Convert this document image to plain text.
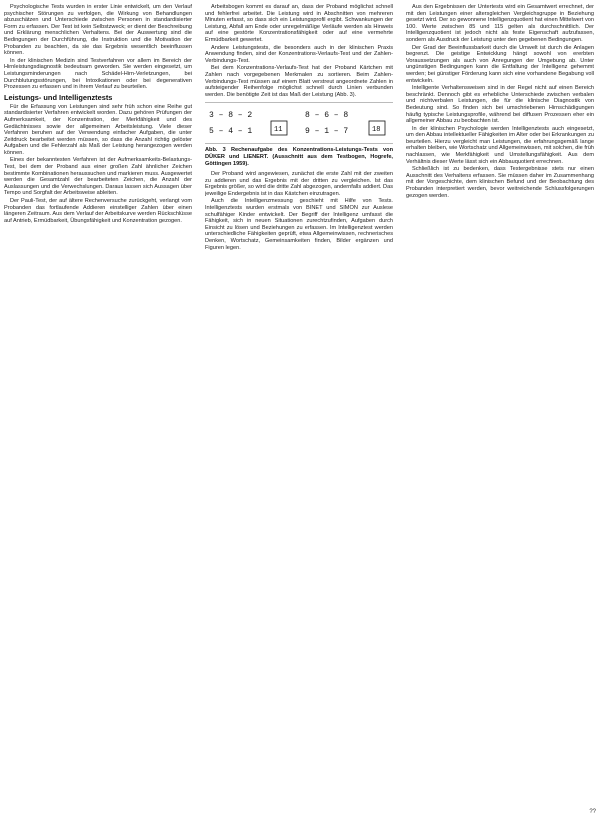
Psychologische Tests wurden in erster Linie entwickelt, um den Verlauf psychischer Störungen zu verfolgen, die Wirkung von Behandlungen abzuschätzen und Unterschiede zwischen Personen in standardisierter Form zu erfassen. Der Test ist kein Selbstzweck; er dient der Beschreibung und Erklärung menschlichen Verhaltens. Bei der Auswertung sind die Bedingungen der Durchführung, die Instruktion und die Motivation der Probanden zu beachten, da sie das Ergebnis wesentlich beeinflussen können.

In der klinischen Medizin sind Testverfahren vor allem im Bereich der Hirnleistungsdiagnostik bedeutsam geworden. Sie werden eingesetzt, um Leistungsminderungen nach Schädel-Hirn-Verletzungen, bei Durchblutungsstörungen, bei Intoxikationen oder bei degenerativen Prozessen zu erfassen und in ihrem Verlauf zu beurteilen.

Leistungs- und Intelligenztests

Für die Erfassung von Leistungen sind sehr früh schon eine Reihe gut standardisierter Verfahren entwickelt worden. Dazu gehören Prüfungen der Aufmerksamkeit, der Konzentration, der Merkfähigkeit und des Gedächtnisses sowie der allgemeinen Arbeitsleistung. Viele dieser Verfahren beruhen auf der Verwendung einfacher Aufgaben, die unter Zeitdruck bearbeitet werden müssen, so dass die Anzahl richtig gelöster Aufgaben und die Fehlerzahl als Maß der Leistung herangezogen werden können.

Eines der bekanntesten Verfahren ist der Aufmerksamkeits-Belastungs-Test, bei dem der Proband aus einer großen Zahl ähnlicher Zeichen bestimmte Kombinationen heraussuchen und markieren muss. Ausgewertet werden die Gesamtzahl der bearbeiteten Zeichen, die Anzahl der Auslassungen und die Verwechslungen. Daraus lassen sich Aussagen über Tempo und Sorgfalt der Arbeitsweise ableiten.

Der Pauli-Test, der auf ältere Rechenversuche zurückgeht, verlangt vom Probanden das fortlaufende Addieren einstelliger Zahlen über einen längeren Zeitraum. Aus dem Verlauf der Arbeitskurve werden Rückschlüsse auf Antrieb, Ermüdbarkeit, Übungsfähigkeit und Konzentration gezogen.

Arbeitsbogen kommt es darauf an, dass der Proband möglichst schnell und fehlerfrei arbeitet. Die Leistung wird in Abschnitten von mehreren Minuten erfasst, so dass sich ein Leistungsprofil ergibt. Schwankungen der Leistung, Abfall am Ende oder unregelmäßige Verläufe werden als Hinweis auf eine gestörte Konzentrationsfähigkeit oder auf eine vermehrte Ermüdbarkeit gewertet.

Andere Leistungstests, die besonders auch in der klinischen Praxis Anwendung finden, sind der Konzentrations-Verlaufs-Test und der Zahlen-Verbindungs-Test.

Bei dem Konzentrations-Verlaufs-Test hat der Proband Kärtchen mit Zahlen nach vorgegebenen Merkmalen zu sortieren. Beim Zahlen-Verbindungs-Test müssen auf einem Blatt verstreut angeordnete Zahlen in aufsteigender Reihenfolge möglichst schnell durch Linien verbunden werden. Die benötigte Zeit ist das Maß der Leistung (Abb. 3).

3 – 8 – 2
5 – 4 – 1	11
8 – 6 – 8
9 – 1 – 7	18
Abb. 3 Rechenaufgabe des Konzentrations-Leistungs-Tests von DÜKER und LIENERT. (Ausschnitt aus dem Testbogen, Hogrefe, Göttingen 1959).

Der Proband wird angewiesen, zunächst die erste Zahl mit der zweiten zu addieren und das Ergebnis mit der dritten zu vergleichen. Ist das Ergebnis größer, so wird die dritte Zahl abgezogen, andernfalls addiert. Das jeweilige Endergebnis ist in das Kästchen einzutragen.

Auch die Intelligenzmessung geschieht mit Hilfe von Tests. Intelligenztests wurden erstmals von BINET und SIMON zur Auslese schulfähiger Kinder entwickelt. Der Begriff der Intelligenz umfasst die Fähigkeit, sich in neuen Situationen zurechtzufinden, Aufgaben durch Einsicht zu lösen und Beziehungen zu erfassen. Im Intelligenztest werden unterschiedliche Fähigkeiten geprüft, etwa Allgemeinwissen, rechnerisches Denken, Wortschatz, Gemeinsamkeiten finden, Bilder ergänzen und Figuren legen.

Aus den Ergebnissen der Untertests wird ein Gesamtwert errechnet, der mit den Leistungen einer altersgleichen Vergleichsgruppe in Beziehung gesetzt wird. Der so gewonnene Intelligenzquotient hat einen Mittelwert von 100. Werte zwischen 85 und 115 gelten als durchschnittlich. Der Intelligenzquotient ist jedoch nicht als feste Eigenschaft aufzufassen, sondern als Ausdruck der Leistung unter den gegebenen Bedingungen.

Der Grad der Beeinflussbarkeit durch die Umwelt ist durch die Anlagen begrenzt. Die geistige Entwicklung hängt sowohl von ererbten Voraussetzungen als auch von Anregungen der Umgebung ab. Unter ungünstigen Bedingungen kann die Entfaltung der Intelligenz gehemmt werden; bei günstiger Förderung kann sich eine vorhandene Begabung voll entwickeln.

Intelligente Verhaltensweisen sind in der Regel nicht auf einen Bereich beschränkt. Dennoch gibt es erhebliche Unterschiede zwischen verbalen und nichtverbalen Leistungen, die für die klinische Diagnostik von Bedeutung sind. So finden sich bei umschriebenen Hirnschädigungen häufig typische Leistungsprofile, während bei diffusen Prozessen eher ein allgemeiner Abbau zu beobachten ist.

In der klinischen Psychologie werden Intelligenztests auch eingesetzt, um den Abbau intellektueller Fähigkeiten im Alter oder bei Erkrankungen zu beurteilen. Hierzu vergleicht man Leistungen, die erfahrungsgemäß lange erhalten bleiben, wie Wortschatz und Allgemeinwissen, mit solchen, die früh nachlassen, wie Merkfähigkeit und Umstellungsfähigkeit. Aus dem Verhältnis dieser Werte lässt sich ein Abbauquotient errechnen.

Schließlich ist zu bedenken, dass Testergebnisse stets nur einen Ausschnitt des Verhaltens erfassen. Sie müssen daher im Zusammenhang mit der Vorgeschichte, dem klinischen Befund und der Beobachtung des Probanden interpretiert werden, bevor weitreichende Schlussfolgerungen gezogen werden.

??
